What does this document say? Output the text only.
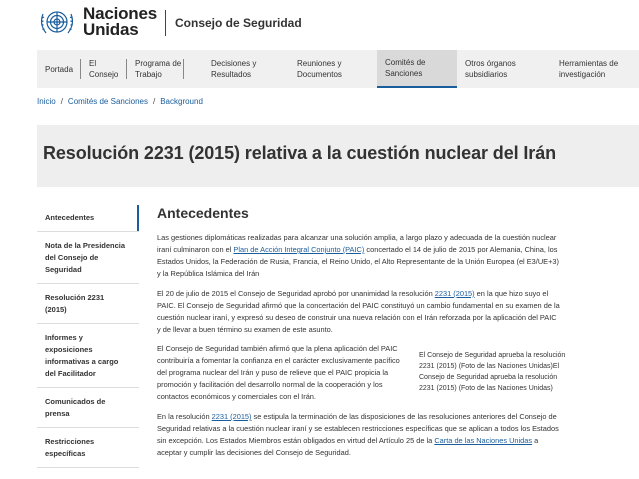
Naciones
Unidas	Consejo de Seguridad
Portada
El
Consejo
Programa de
Trabajo
Decisiones y
Resultados
Reuniones y
Documentos
Comités de
Sanciones
Otros órganos
subsidiarios
Herramientas de
investigación
Inicio / Comités de Sanciones / Background
Resolución 2231 (2015) relativa a la cuestión nuclear del Irán
Antecedentes
Nota de la Presidencia
del Consejo de
Seguridad
Resolución 2231
(2015)
Informes y
exposiciones
informativas a cargo
del Facilitador
Comunicados de
prensa
Restricciones
específicas
Antecedentes

Las gestiones diplomáticas realizadas para alcanzar una solución amplia, a largo plazo y adecuada de la cuestión nuclear iraní culminaron con el Plan de Acción Integral Conjunto (PAIC) concertado el 14 de julio de 2015 por Alemania, China, los Estados Unidos, la Federación de Rusia, Francia, el Reino Unido, el Alto Representante de la Unión Europea (el E3/UE+3) y la República Islámica del Irán

El 20 de julio de 2015 el Consejo de Seguridad aprobó por unanimidad la resolución 2231 (2015) en la que hizo suyo el PAIC. El Consejo de Seguridad afirmó que la concertación del PAIC constituyó un cambio fundamental en su examen de la cuestión nuclear iraní, y expresó su deseo de construir una nueva relación con el Irán reforzada por la aplicación del PAIC y de llevar a buen término su examen de este asunto.

El Consejo de Seguridad también afirmó que la plena aplicación del PAIC contribuiría a fomentar la confianza en el carácter exclusivamente pacífico del programa nuclear del Irán y puso de relieve que el PAIC propicia la promoción y facilitación del desarrollo normal de la cooperación y los contactos económicos y comerciales con el Irán.

El Consejo de Seguridad aprueba la resolución 2231 (2015) (Foto de las Naciones Unidas)El Consejo de Seguridad aprueba la resolución 2231 (2015) (Foto de las Naciones Unidas)

En la resolución 2231 (2015) se estipula la terminación de las disposiciones de las resoluciones anteriores del Consejo de Seguridad relativas a la cuestión nuclear iraní y se establecen restricciones específicas que se aplican a todos los Estados sin excepción. Los Estados Miembros están obligados en virtud del Artículo 25 de la Carta de las Naciones Unidas a aceptar y cumplir las decisiones del Consejo de Seguridad.
